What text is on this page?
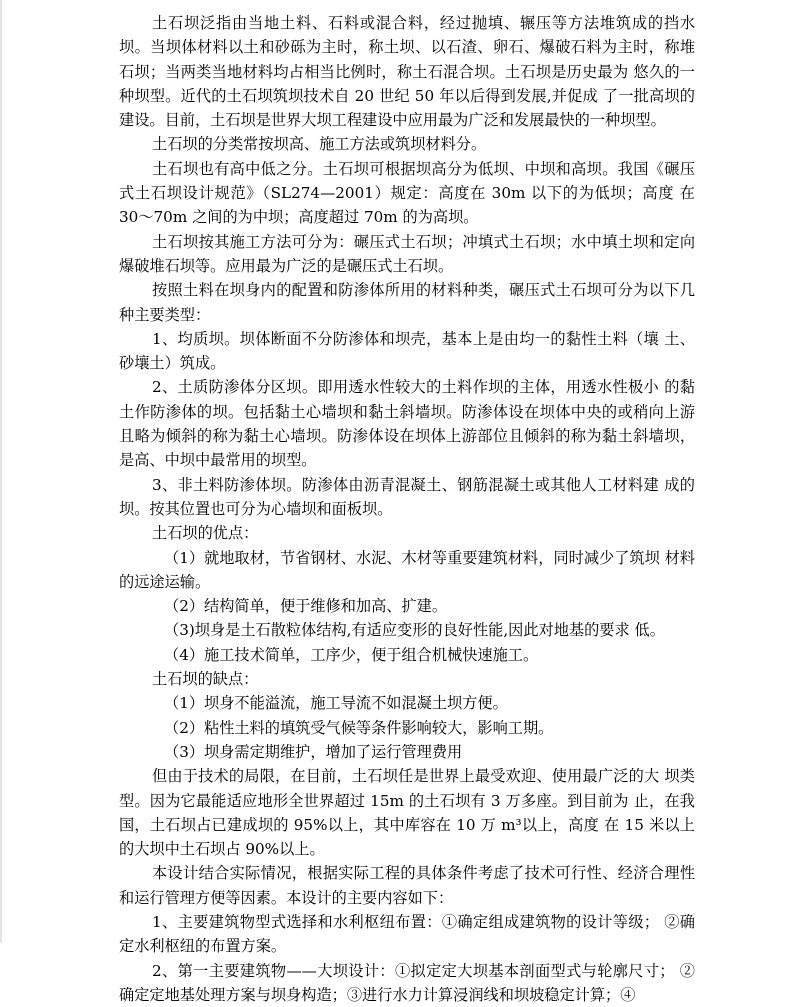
土石坝泛指由当地土料、石料或混合料，经过抛填、辗压等方法堆筑成的挡水坝。当坝体材料以土和砂砾为主时，称土坝、以石渣、卵石、爆破石料为主时，称堆石坝；当两类当地材料均占相当比例时，称土石混合坝。土石坝是历史最为 悠久的一种坝型。近代的土石坝筑坝技术自 20 世纪 50 年以后得到发展,并促成 了一批高坝的建设。目前，土石坝是世界大坝工程建设中应用最为广泛和发展最快的一种坝型。

土石坝的分类常按坝高、施工方法或筑坝材料分。

土石坝也有高中低之分。土石坝可根据坝高分为低坝、中坝和高坝。我国《碾压式土石坝设计规范》（SL274—2001）规定：高度在 30m 以下的为低坝；高度 在 30～70m 之间的为中坝；高度超过 70m 的为高坝。

土石坝按其施工方法可分为：碾压式土石坝；冲填式土石坝；水中填土坝和定向爆破堆石坝等。应用最为广泛的是碾压式土石坝。

按照土料在坝身内的配置和防渗体所用的材料种类，碾压式土石坝可分为以下几种主要类型：

1、均质坝。坝体断面不分防渗体和坝壳，基本上是由均一的黏性土料（壤 土、砂壤土）筑成。

2、土质防渗体分区坝。即用透水性较大的土料作坝的主体，用透水性极小 的黏土作防渗体的坝。包括黏土心墙坝和黏土斜墙坝。防渗体设在坝体中央的或稍向上游且略为倾斜的称为黏土心墙坝。防渗体设在坝体上游部位且倾斜的称为黏土斜墙坝，是高、中坝中最常用的坝型。

3、非土料防渗体坝。防渗体由沥青混凝土、钢筋混凝土或其他人工材料建 成的坝。按其位置也可分为心墙坝和面板坝。

土石坝的优点：

（1）就地取材，节省钢材、水泥、木材等重要建筑材料，同时减少了筑坝 材料的远途运输。

（2）结构简单，便于维修和加高、扩建。

（3)坝身是土石散粒体结构,有适应变形的良好性能,因此对地基的要求 低。

（4）施工技术简单，工序少，便于组合机械快速施工。

土石坝的缺点：

（1）坝身不能溢流，施工导流不如混凝土坝方便。

（2）粘性土料的填筑受气候等条件影响较大，影响工期。

（3）坝身需定期维护，增加了运行管理费用

但由于技术的局限，在目前，土石坝任是世界上最受欢迎、使用最广泛的大 坝类型。因为它最能适应地形全世界超过 15m 的土石坝有 3 万多座。到目前为 止，在我国，土石坝占已建成坝的 95%以上，其中库容在 10 万 m³以上，高度 在 15 米以上的大坝中土石坝占 90%以上。

本设计结合实际情况，根据实际工程的具体条件考虑了技术可行性、经济合理性和运行管理方便等因素。本设计的主要内容如下：

1、主要建筑物型式选择和水利枢纽布置：①确定组成建筑物的设计等级； ②确定水利枢纽的布置方案。

2、第一主要建筑物——大坝设计：①拟定定大坝基本剖面型式与轮廓尺寸； ②确定定地基处理方案与坝身构造；③进行水力计算浸润线和坝坡稳定计算；④
